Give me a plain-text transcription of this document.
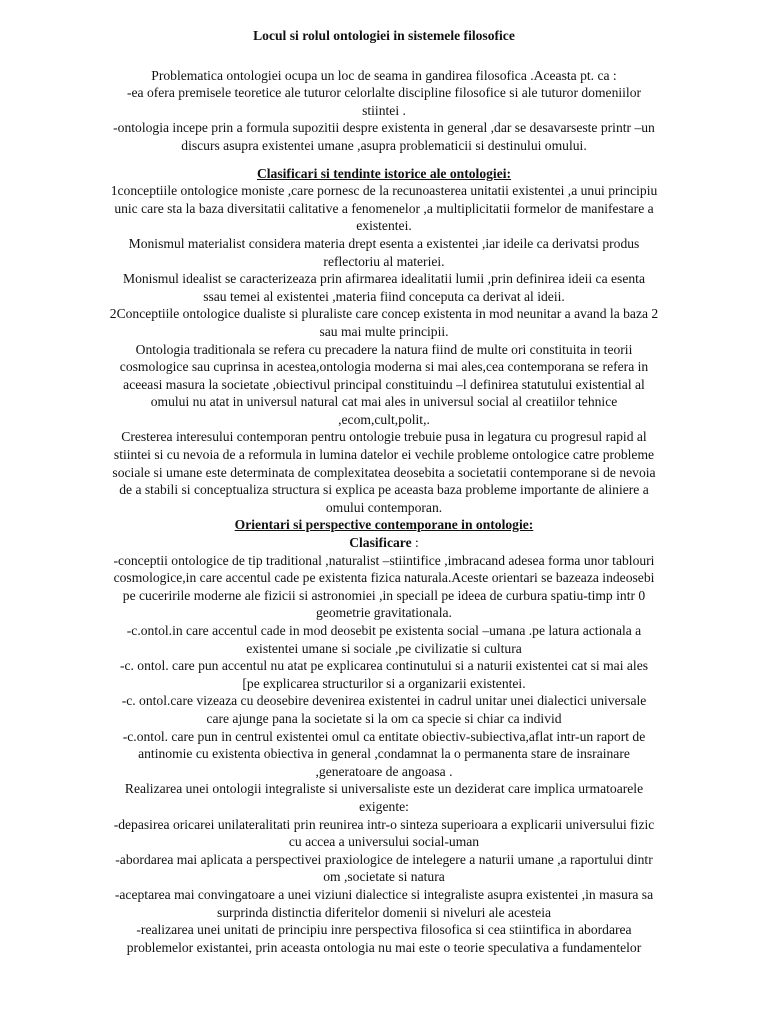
Locul si rolul ontologiei in sistemele filosofice

Problematica ontologiei ocupa un loc de seama in gandirea filosofica .Aceasta pt. ca :
-ea ofera premisele teoretice ale tuturor celorlalte discipline filosofice si ale tuturor domeniilor
stiintei .
-ontologia incepe prin a formula supozitii despre existenta in general ,dar se desavarseste printr –un
discurs asupra existentei umane ,asupra problematicii si destinului omului.

Clasificari si tendinte istorice ale ontologiei:

1conceptiile ontologice moniste ,care pornesc de la recunoasterea unitatii existentei ,a unui principiu
unic care sta la baza diversitatii calitative a fenomenelor ,a multiplicitatii formelor de manifestare a
existentei.

Monismul materialist considera materia drept esenta a existentei ,iar ideile ca derivatsi produs
reflectoriu al materiei.

Monismul idealist se caracterizeaza prin afirmarea idealitatii lumii ,prin definirea ideii ca esenta
ssau temei al existentei ,materia fiind conceputa ca derivat al ideii.

2Conceptiile ontologice dualiste si pluraliste care concep existenta in mod neunitar a avand la baza 2
sau mai multe principii.

Ontologia traditionala se refera cu precadere la natura fiind de multe ori constituita in teorii
cosmologice sau cuprinsa in acestea,ontologia moderna si mai ales,cea contemporana se refera in
aceeasi masura la societate ,obiectivul principal constituindu –l definirea statutului existential al
omului nu atat in universul natural cat mai ales in universul social al creatiilor tehnice
,ecom,cult,polit,.

Cresterea interesului contemporan pentru ontologie trebuie pusa in legatura cu progresul rapid al
stiintei si cu nevoia de a reformula in lumina datelor ei vechile probleme ontologice catre probleme
sociale si umane este determinata de complexitatea deosebita a societatii contemporane si de nevoia
de a stabili si conceptualiza structura si explica pe aceasta baza probleme importante de aliniere a
omului contemporan.

Orientari si perspective contemporane in ontologie:

Clasificare :

-conceptii ontologice de tip traditional ,naturalist –stiintifice ,imbracand adesea forma unor tablouri
cosmologice,in care accentul cade pe existenta fizica naturala.Aceste orientari se bazeaza indeosebi
pe cuceririle moderne ale fizicii si astronomiei ,in speciall pe ideea de curbura spatiu-timp intr 0
geometrie gravitationala.

-c.ontol.in care accentul cade in mod deosebit pe existenta social –umana .pe latura actionala a
existentei umane si sociale ,pe civilizatie si cultura

-c. ontol. care pun accentul nu atat pe explicarea continutului si a naturii existentei cat si mai ales
[pe explicarea structurilor si a organizarii existentei.

-c. ontol.care vizeaza cu deosebire devenirea existentei in cadrul unitar unei dialectici universale
care ajunge pana la societate si la om ca specie si chiar ca individ

-c.ontol. care pun in centrul existentei omul ca entitate obiectiv-subiectiva,aflat intr-un raport de
antinomie cu existenta obiectiva in general ,condamnat la o permanenta stare de insrainare
,generatoare de angoasa .

Realizarea unei ontologii integraliste si universaliste este un deziderat care implica urmatoarele
exigente:

-depasirea oricarei unilateralitati prin reunirea intr-o sinteza superioara a explicarii universului fizic
cu accea a universului social-uman

-abordarea mai aplicata a perspectivei praxiologice de intelegere a naturii umane ,a raportului dintr
om ,societate si natura

-aceptarea mai convingatoare a unei viziuni dialectice si integraliste asupra existentei ,in masura sa
surprinda distinctia diferitelor domenii si niveluri ale acesteia

-realizarea unei unitati de principiu inre perspectiva filosofica si cea stiintifica in abordarea
problemelor existantei, prin aceasta ontologia nu mai este o teorie speculativa a fundamentelor
